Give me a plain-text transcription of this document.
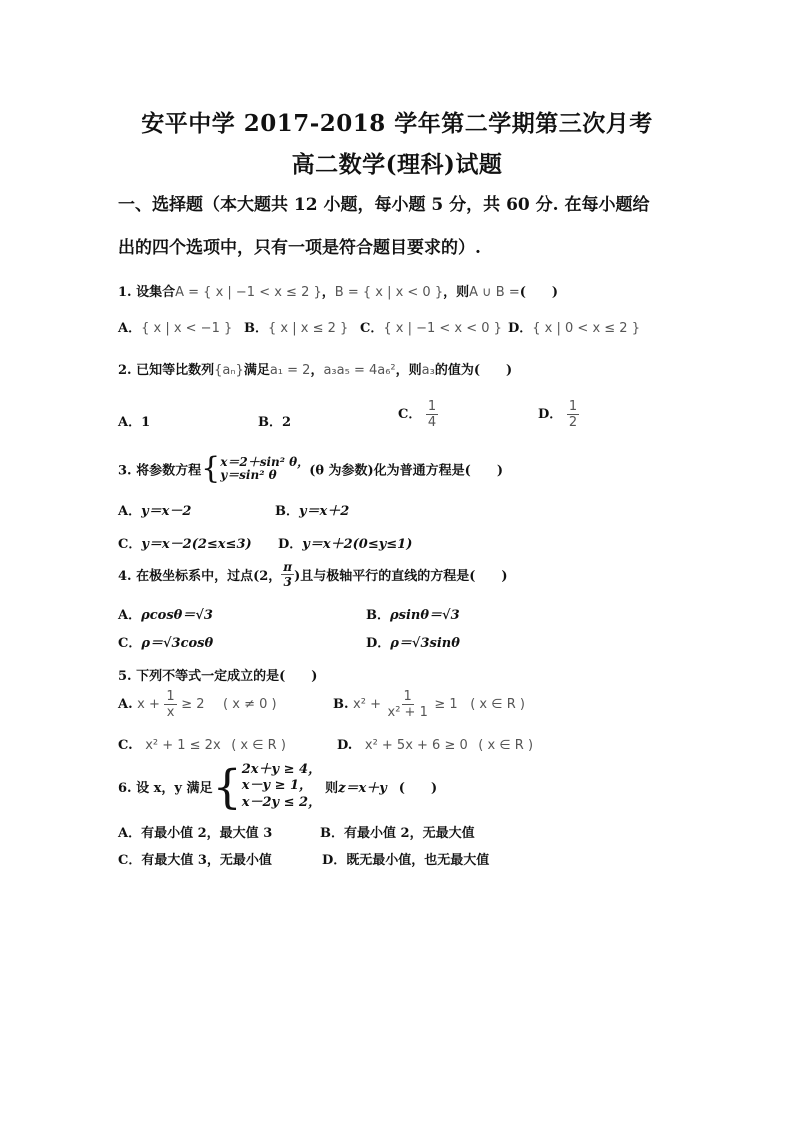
安平中学 2017-2018 学年第二学期第三次月考
高二数学(理科)试题
一、选择题（本大题共 12 小题，每小题 5 分，共 60 分. 在每小题给
出的四个选项中，只有一项是符合题目要求的）.
1. 设集合A = { x | −1 < x ≤ 2 }，B = { x | x < 0 }，则A ∪ B =(　　)
A．{ x | x < −1 } B．{ x | x ≤ 2 } C．{ x | −1 < x < 0 } D．{ x | 0 < x ≤ 2 }
2. 已知等比数列{aₙ}满足a₁ = 2，a₃a₅ = 4a₆²，则a₃的值为(　　)
A．1	B．2
C． $\frac{1}{4}$	D． $\frac{1}{2}$
3. 将参数方程{x＝2＋sin² θ，
y＝sin² θ	(θ 为参数)化为普通方程是(　　)
A．y＝x－2	B．y＝x＋2
C．y＝x－2(2≤x≤3) D．y＝x＋2(0≤y≤1)
4. 在极坐标系中，过点(2， $\frac{\pi}{3}$ )且与极轴平行的直线的方程是(　　)
A．ρcosθ＝√3	B．ρsinθ＝√3
C．ρ＝√3cosθ	D．ρ＝√3sinθ
5. 下列不等式一定成立的是(　　)
A. $x + \frac{1}{x} \ge 2$ ( x ≠ 0 )	B. $x^2 + \frac{1}{\text{x² + 1}} \ge 1$ ( x ∈ R )
C. x² + 1 ≤ 2x ( x ∈ R )	D. x² + 5x + 6 ≥ 0 ( x ∈ R )
6. 设 x，y 满足{2x＋y ≥ 4，
x－y ≥ 1，
x－2y ≤ 2，则z＝x＋y (　　)
A．有最小值 2，最大值 3	B．有最小值 2，无最大值
C．有最大值 3，无最小值	D．既无最小值，也无最大值
